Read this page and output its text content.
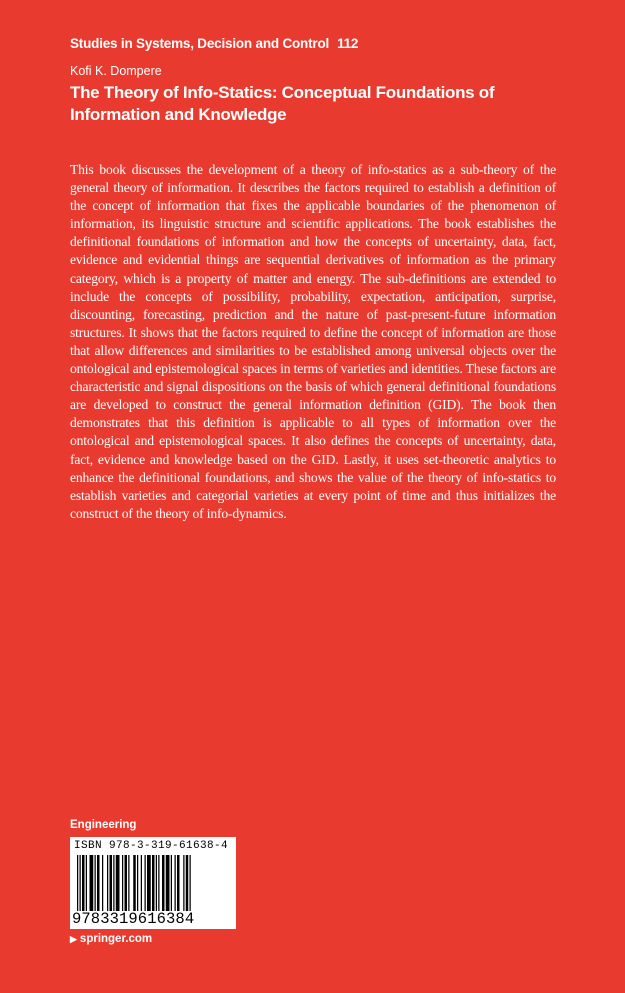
Studies in Systems, Decision and Control 112
Kofi K. Dompere
The Theory of Info-Statics: Conceptual Foundations of Information and Knowledge
This book discusses the development of a theory of info-statics as a sub-theory of the general theory of information. It describes the factors required to establish a definition of the concept of information that fixes the applicable boundaries of the phenomenon of information, its linguistic structure and scientific applications. The book establishes the definitional foundations of information and how the concepts of uncertainty, data, fact, evidence and evidential things are sequential derivatives of information as the primary category, which is a property of matter and energy. The sub-definitions are extended to include the concepts of possibility, probability, expectation, anticipation, surprise, discounting, forecasting, prediction and the nature of past-present-future information structures. It shows that the factors required to define the concept of information are those that allow differences and similarities to be established among universal objects over the ontological and epistemological spaces in terms of varieties and identities. These factors are characteristic and signal dispositions on the basis of which general definitional foundations are developed to construct the general information definition (GID). The book then demonstrates that this definition is applicable to all types of information over the ontological and epistemological spaces. It also defines the concepts of uncertainty, data, fact, evidence and knowledge based on the GID. Lastly, it uses set-theoretic analytics to enhance the definitional foundations, and shows the value of the theory of info-statics to establish varieties and categorial varieties at every point of time and thus initializes the construct of the theory of info-dynamics.
Engineering
ISBN 978-3-319-61638-4
9783319616384
▶ springer.com
